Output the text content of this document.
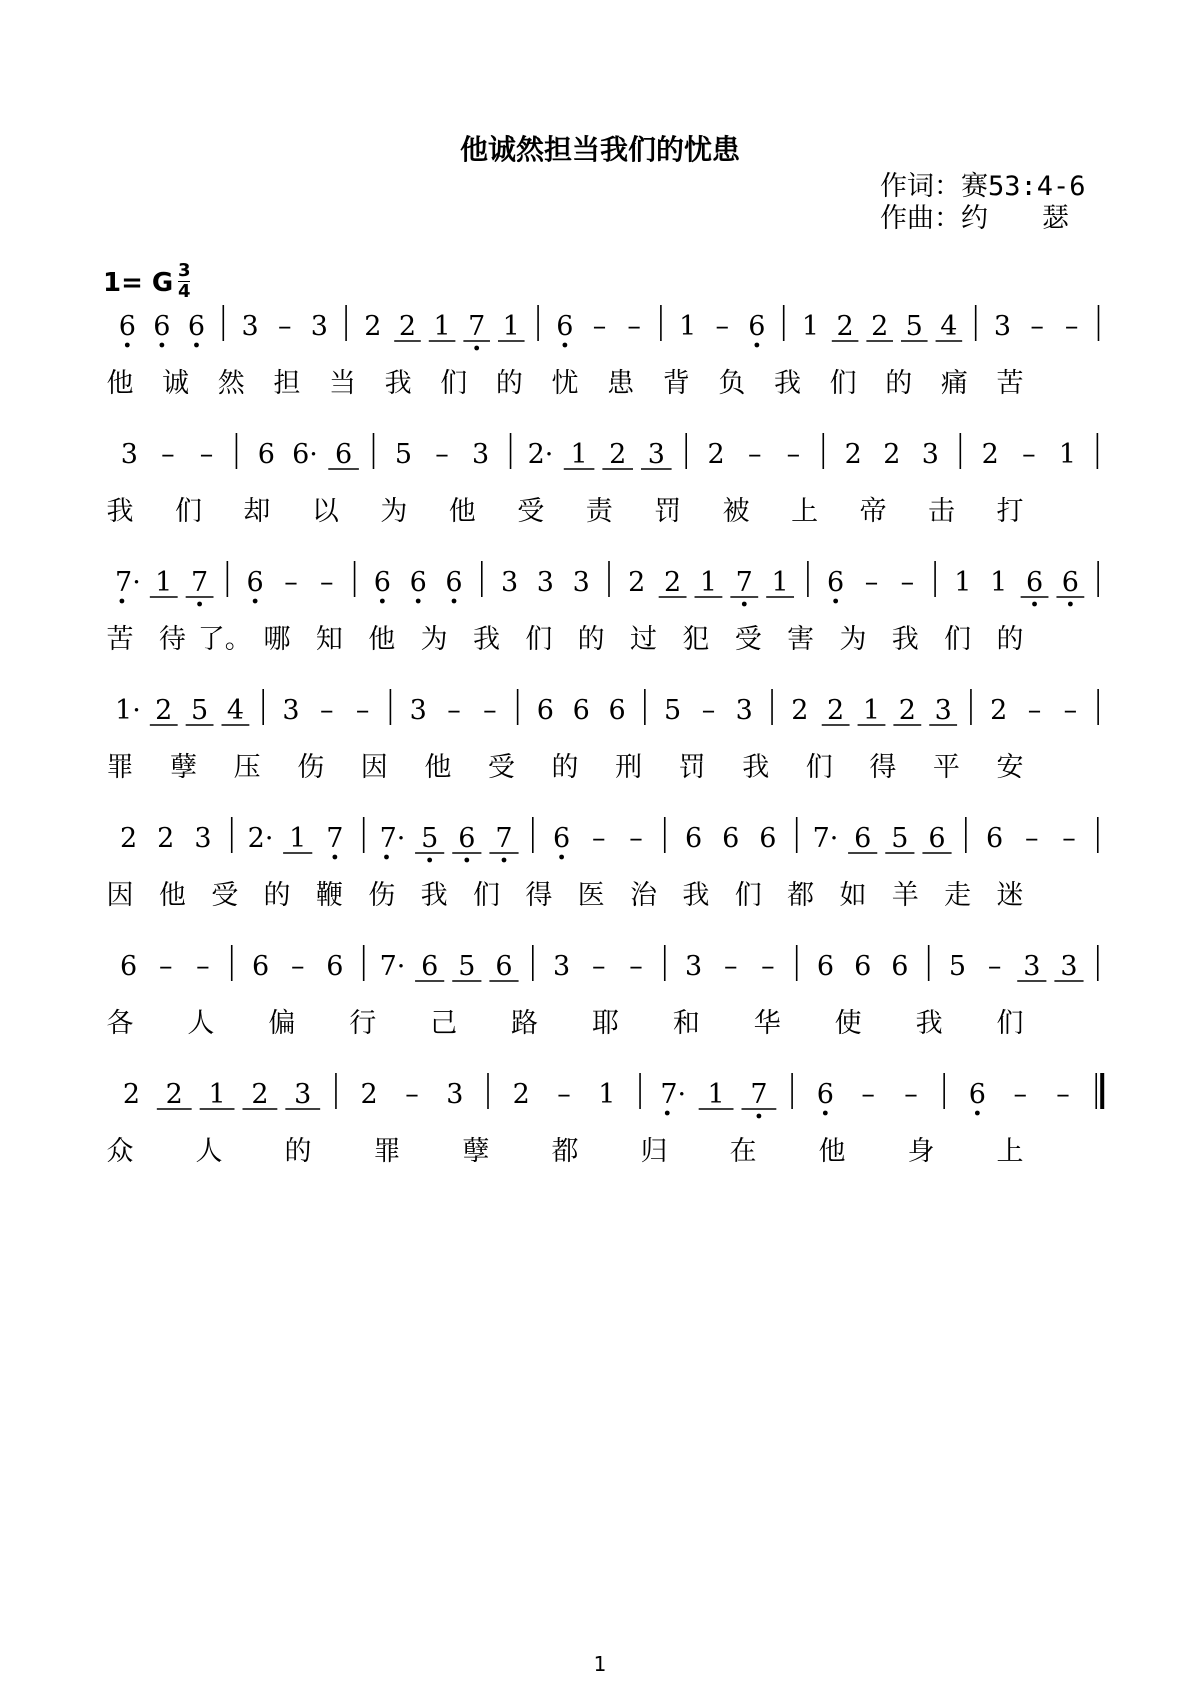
他诚然担当我们的忧患
作词：赛53:4-6
作曲：约　　瑟
1= G 3
4
6 6 6 3 – 3 2 2 1 7 1 6 – – 1 – 6 1 2 2 5 4 3 – –
他 诚 然 担 当 我 们 的 忧 患 背 负 我 们 的 痛 苦
3 – – 6 6· 6 5 – 3 2· 1 2 3 2 – – 2 2 3 2 – 1
我 们 却 以 为 他 受 责 罚 被 上 帝 击 打
7· 1 7 6 – – 6 6 6 3 3 3 2 2 1 7 1 6 – – 1 1 6 6
苦 待 了。 哪 知 他 为 我 们 的 过 犯 受 害 为 我 们 的
1· 2 5 4 3 – – 3 – – 6 6 6 5 – 3 2 2 1 2 3 2 – –
罪 孽 压 伤 因 他 受 的 刑 罚 我 们 得 平 安
2 2 3 2· 1 7 7· 5 6 7 6 – – 6 6 6 7· 6 5 6 6 – –
因 他 受 的 鞭 伤 我 们 得 医 治 我 们 都 如 羊 走 迷
6 – – 6 – 6 7· 6 5 6 3 – – 3 – – 6 6 6 5 – 3 3
各 人 偏 行 己 路 耶 和 华 使 我 们
2 2 1 2 3 2 – 3 2 – 1 7· 1 7 6 – – 6 – –
众 人 的 罪 孽 都 归 在 他 身 上
1
